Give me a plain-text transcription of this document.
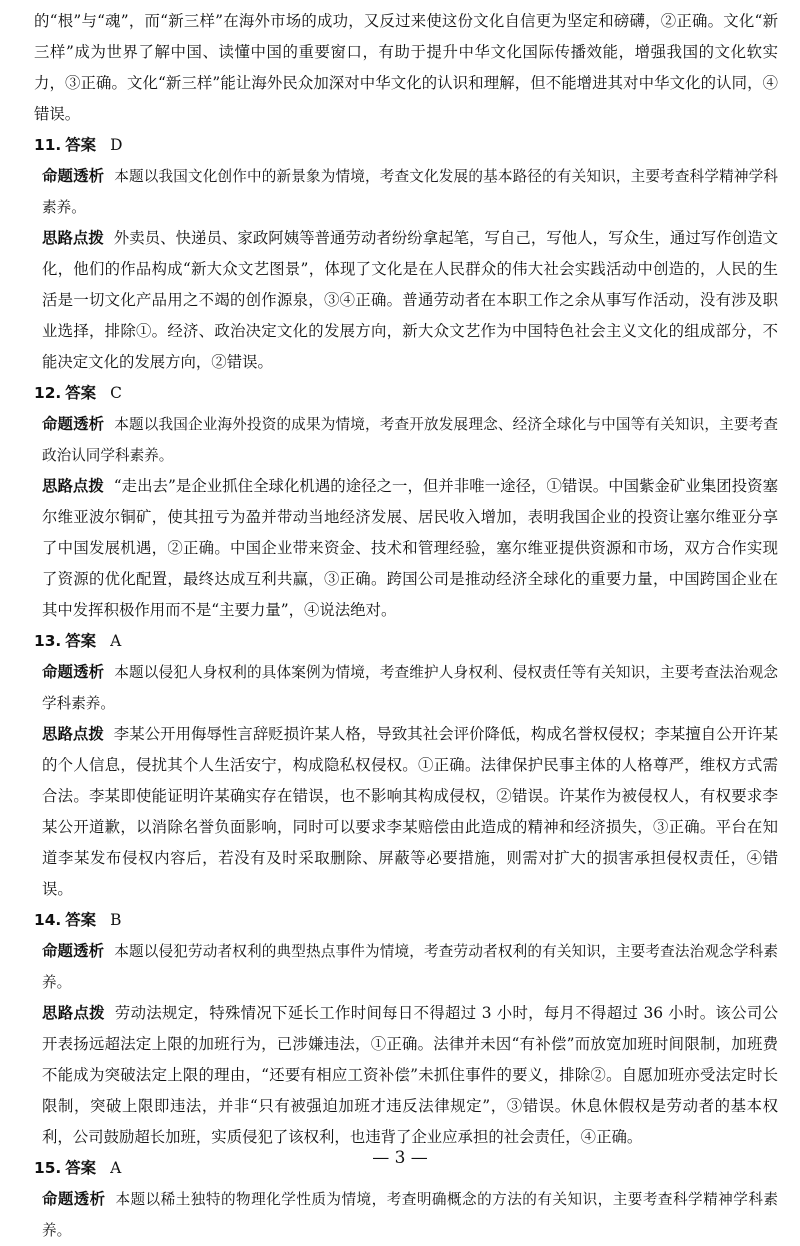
的“根”与“魂”，而“新三样”在海外市场的成功，又反过来使这份文化自信更为坚定和磅礴，②正确。文化“新三样”成为世界了解中国、读懂中国的重要窗口，有助于提升中华文化国际传播效能，增强我国的文化软实力，③正确。文化“新三样”能让海外民众加深对中华文化的认识和理解，但不能增进其对中华文化的认同，④错误。

11. 答案 D

命题透析 本题以我国文化创作中的新景象为情境，考查文化发展的基本路径的有关知识，主要考查科学精神学科素养。

思路点拨 外卖员、快递员、家政阿姨等普通劳动者纷纷拿起笔，写自己，写他人，写众生，通过写作创造文化，他们的作品构成“新大众文艺图景”，体现了文化是在人民群众的伟大社会实践活动中创造的，人民的生活是一切文化产品用之不竭的创作源泉，③④正确。普通劳动者在本职工作之余从事写作活动，没有涉及职业选择，排除①。经济、政治决定文化的发展方向，新大众文艺作为中国特色社会主义文化的组成部分，不能决定文化的发展方向，②错误。

12. 答案 C

命题透析 本题以我国企业海外投资的成果为情境，考查开放发展理念、经济全球化与中国等有关知识，主要考查政治认同学科素养。

思路点拨 “走出去”是企业抓住全球化机遇的途径之一，但并非唯一途径，①错误。中国紫金矿业集团投资塞尔维亚波尔铜矿，使其扭亏为盈并带动当地经济发展、居民收入增加，表明我国企业的投资让塞尔维亚分享了中国发展机遇，②正确。中国企业带来资金、技术和管理经验，塞尔维亚提供资源和市场，双方合作实现了资源的优化配置，最终达成互利共赢，③正确。跨国公司是推动经济全球化的重要力量，中国跨国企业在其中发挥积极作用而不是“主要力量”，④说法绝对。

13. 答案 A

命题透析 本题以侵犯人身权利的具体案例为情境，考查维护人身权利、侵权责任等有关知识，主要考查法治观念学科素养。

思路点拨 李某公开用侮辱性言辞贬损许某人格，导致其社会评价降低，构成名誉权侵权；李某擅自公开许某的个人信息，侵扰其个人生活安宁，构成隐私权侵权。①正确。法律保护民事主体的人格尊严，维权方式需合法。李某即使能证明许某确实存在错误，也不影响其构成侵权，②错误。许某作为被侵权人，有权要求李某公开道歉，以消除名誉负面影响，同时可以要求李某赔偿由此造成的精神和经济损失，③正确。平台在知道李某发布侵权内容后，若没有及时采取删除、屏蔽等必要措施，则需对扩大的损害承担侵权责任，④错误。

14. 答案 B

命题透析 本题以侵犯劳动者权利的典型热点事件为情境，考查劳动者权利的有关知识，主要考查法治观念学科素养。

思路点拨 劳动法规定，特殊情况下延长工作时间每日不得超过 3 小时，每月不得超过 36 小时。该公司公开表扬远超法定上限的加班行为，已涉嫌违法，①正确。法律并未因“有补偿”而放宽加班时间限制，加班费不能成为突破法定上限的理由，“还要有相应工资补偿”未抓住事件的要义，排除②。自愿加班亦受法定时长限制，突破上限即违法，并非“只有被强迫加班才违反法律规定”，③错误。休息休假权是劳动者的基本权利，公司鼓励超长加班，实质侵犯了该权利，也违背了企业应承担的社会责任，④正确。

15. 答案 A

命题透析 本题以稀土独特的物理化学性质为情境，考查明确概念的方法的有关知识，主要考查科学精神学科素养。

— 3 —
